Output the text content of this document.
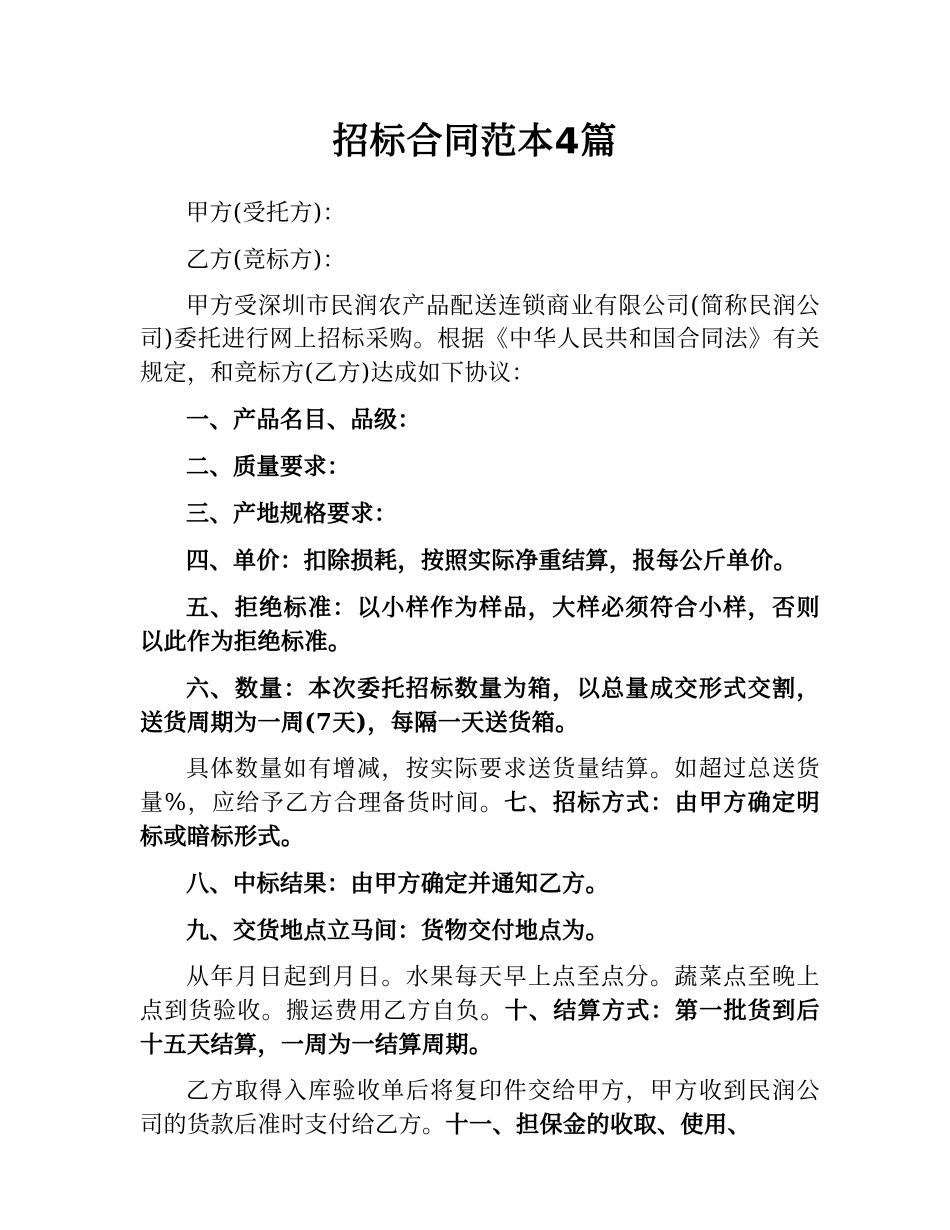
招标合同范本4篇

甲方(受托方)：

乙方(竞标方)：

甲方受深圳市民润农产品配送连锁商业有限公司(简称民润公司)委托进行网上招标采购。根据《中华人民共和国合同法》有关规定，和竞标方(乙方)达成如下协议：

一、产品名目、品级：

二、质量要求：

三、产地规格要求：

四、单价：扣除损耗，按照实际净重结算，报每公斤单价。

五、拒绝标准：以小样作为样品，大样必须符合小样，否则以此作为拒绝标准。

六、数量：本次委托招标数量为箱，以总量成交形式交割，送货周期为一周(7天)，每隔一天送货箱。

具体数量如有增减，按实际要求送货量结算。如超过总送货量%，应给予乙方合理备货时间。七、招标方式：由甲方确定明标或暗标形式。

八、中标结果：由甲方确定并通知乙方。

九、交货地点立马间：货物交付地点为。

从年月日起到月日。水果每天早上点至点分。蔬菜点至晚上点到货验收。搬运费用乙方自负。十、结算方式：第一批货到后十五天结算，一周为一结算周期。

乙方取得入库验收单后将复印件交给甲方，甲方收到民润公司的货款后准时支付给乙方。十一、担保金的收取、使用、
